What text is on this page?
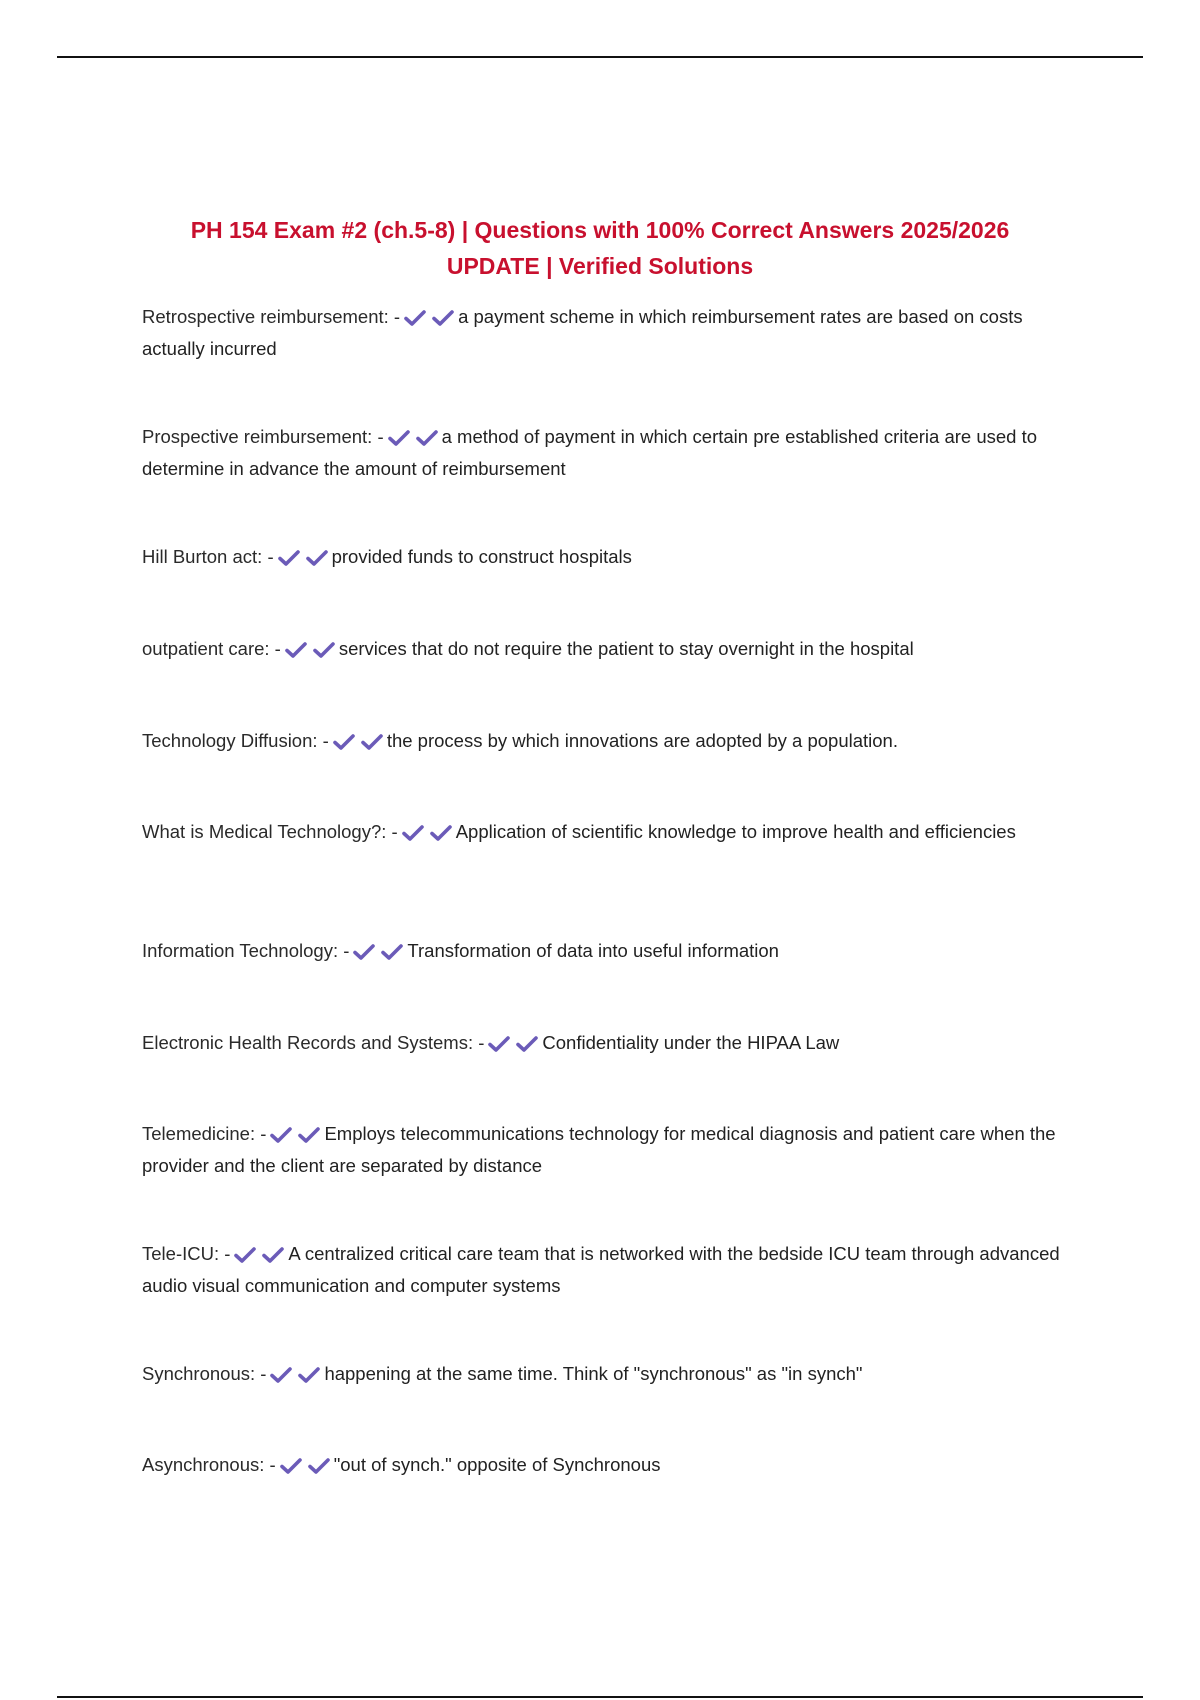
PH 154 Exam #2 (ch.5-8) | Questions with 100% Correct Answers 2025/2026
UPDATE | Verified Solutions
Retrospective reimbursement: -	a payment scheme in which reimbursement rates are based on costs actually incurred
Prospective reimbursement: -	a method of payment in which certain pre established criteria are used to determine in advance the amount of reimbursement
Hill Burton act: -	provided funds to construct hospitals
outpatient care: -	services that do not require the patient to stay overnight in the hospital
Technology Diffusion: -	the process by which innovations are adopted by a population.
What is Medical Technology?: -	Application of scientific knowledge to improve health and efficiencies
Information Technology: -	Transformation of data into useful information
Electronic Health Records and Systems: -	Confidentiality under the HIPAA Law
Telemedicine: -	Employs telecommunications technology for medical diagnosis and patient care when the provider and the client are separated by distance
Tele-ICU: -	A centralized critical care team that is networked with the bedside ICU team through advanced audio visual communication and computer systems
Synchronous: -	happening at the same time. Think of "synchronous" as "in synch"
Asynchronous: -	"out of synch." opposite of Synchronous
